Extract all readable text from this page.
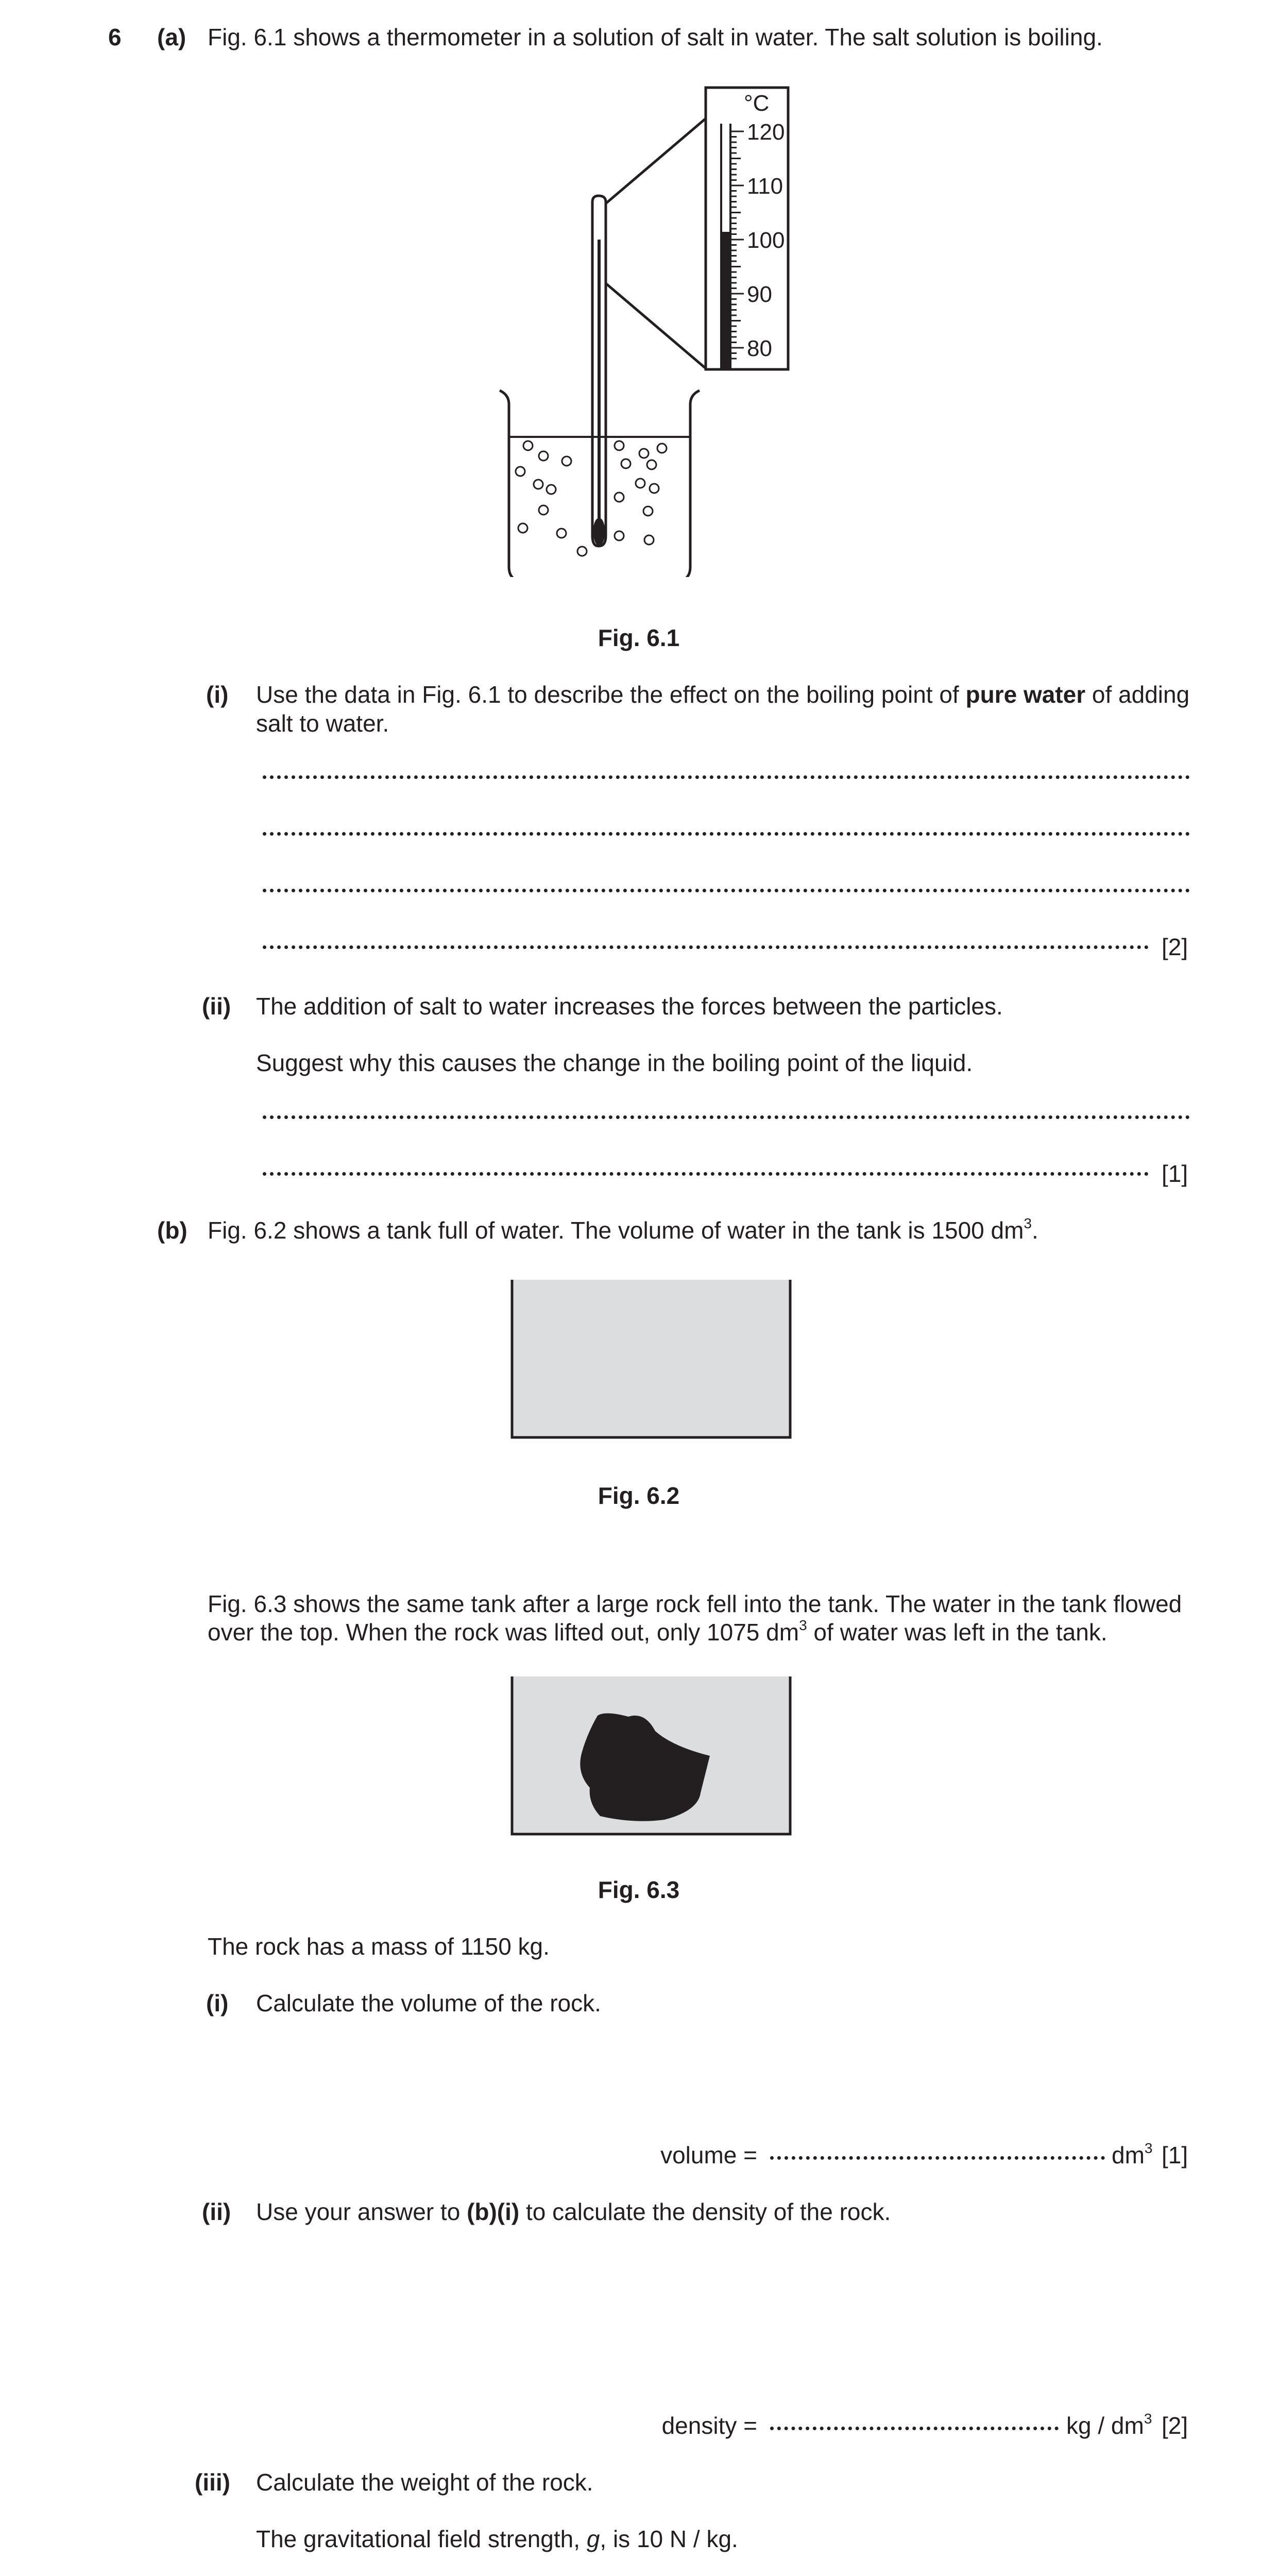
6 (a) Fig. 6.1 shows a thermometer in a solution of salt in water. The salt solution is boiling.
°C
120
110
100
90
80
Fig. 6.1
(i) Use the data in Fig. 6.1 to describe the effect on the boiling point of pure water of adding salt to water.
[2]
(ii) The addition of salt to water increases the forces between the particles.
Suggest why this causes the change in the boiling point of the liquid.
[1]
(b) Fig. 6.2 shows a tank full of water. The volume of water in the tank is 1500 $dm^3$.
Fig. 6.2
Fig. 6.3 shows the same tank after a large rock fell into the tank. The water in the tank flowed
over the top. When the rock was lifted out, only 1075 $dm^3$ of water was left in the tank.
Fig. 6.3
The rock has a mass of 1150 kg.
(i) Calculate the volume of the rock.
volume =	$dm^3$ [1]
(ii) Use your answer to (b)(i) to calculate the density of the rock.
density =	kg / $dm^3$ [2]
(iii) Calculate the weight of the rock.
The gravitational field strength, g, is 10 N / kg.
